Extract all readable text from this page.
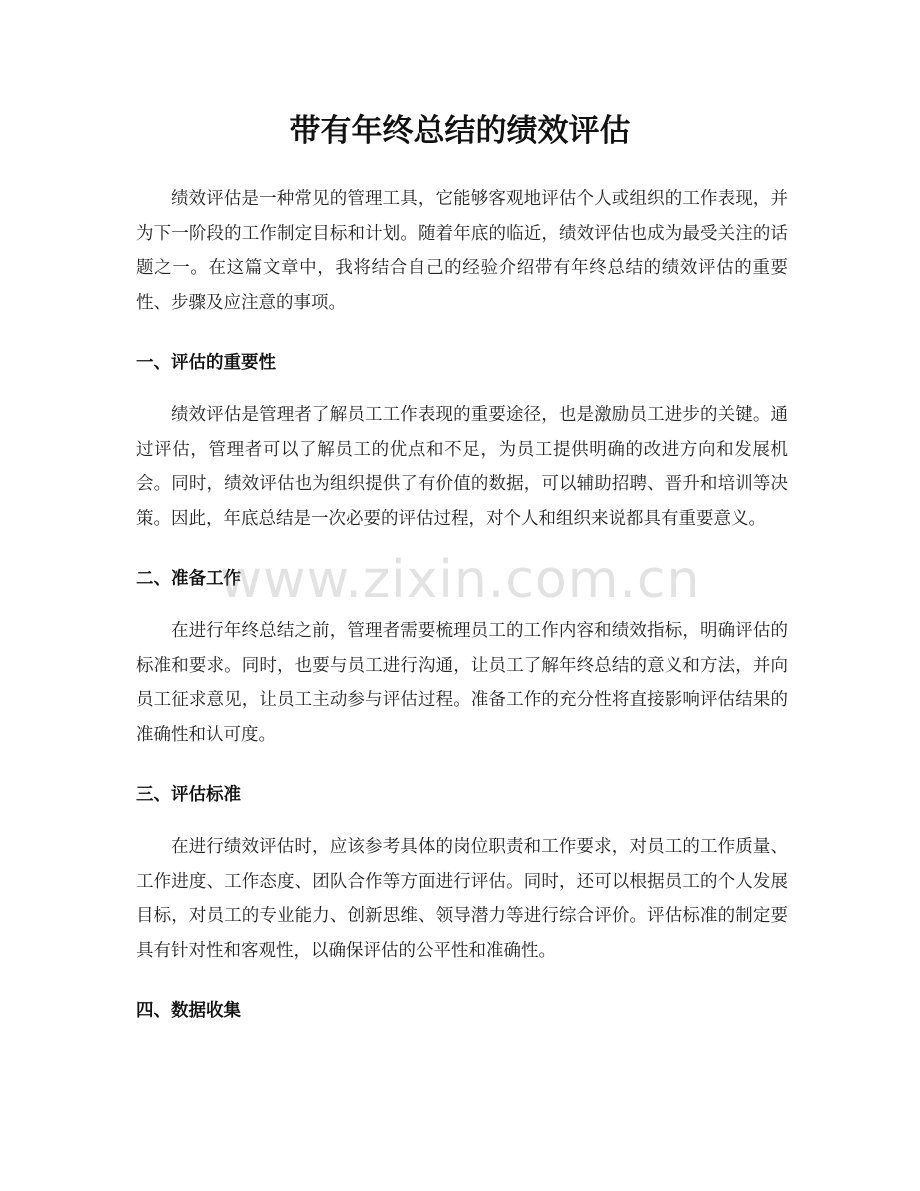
带有年终总结的绩效评估

绩效评估是一种常见的管理工具，它能够客观地评估个人或组织的工作表现，并为下一阶段的工作制定目标和计划。随着年底的临近，绩效评估也成为最受关注的话题之一。在这篇文章中，我将结合自己的经验介绍带有年终总结的绩效评估的重要性、步骤及应注意的事项。

一、评估的重要性

绩效评估是管理者了解员工工作表现的重要途径，也是激励员工进步的关键。通过评估，管理者可以了解员工的优点和不足，为员工提供明确的改进方向和发展机会。同时，绩效评估也为组织提供了有价值的数据，可以辅助招聘、晋升和培训等决策。因此，年底总结是一次必要的评估过程，对个人和组织来说都具有重要意义。

二、准备工作

在进行年终总结之前，管理者需要梳理员工的工作内容和绩效指标，明确评估的标准和要求。同时，也要与员工进行沟通，让员工了解年终总结的意义和方法，并向员工征求意见，让员工主动参与评估过程。准备工作的充分性将直接影响评估结果的准确性和认可度。

三、评估标准

在进行绩效评估时，应该参考具体的岗位职责和工作要求，对员工的工作质量、工作进度、工作态度、团队合作等方面进行评估。同时，还可以根据员工的个人发展目标，对员工的专业能力、创新思维、领导潜力等进行综合评价。评估标准的制定要具有针对性和客观性，以确保评估的公平性和准确性。

四、数据收集
www.zixin.com.cn
